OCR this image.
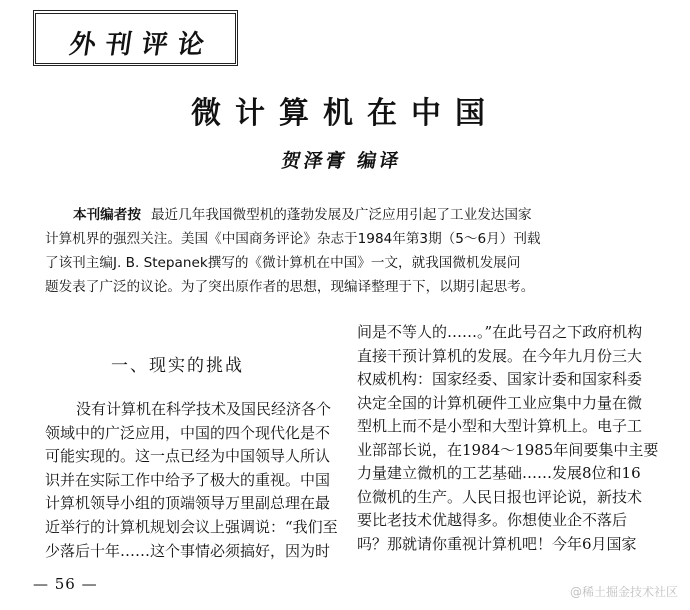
外刊评论
微计算机在中国
贺泽膏 编译
本刊编者按 最近几年我国微型机的蓬勃发展及广泛应用引起了工业发达国家
计算机界的强烈关注。美国《中国商务评论》杂志于1984年第3期（5～6月）刊载
了该刊主编J. B. Stepanek撰写的《微计算机在中国》一文，就我国微机发展问
题发表了广泛的议论。为了突出原作者的思想，现编译整理于下，以期引起思考。
一、现实的挑战
没有计算机在科学技术及国民经济各个
领域中的广泛应用，中国的四个现代化是不
可能实现的。这一点已经为中国领导人所认
识并在实际工作中给予了极大的重视。中国
计算机领导小组的顶端领导万里副总理在最
近举行的计算机规划会议上强调说：“我们至
少落后十年……这个事情必须搞好，因为时
间是不等人的……。”在此号召之下政府机构
直接干预计算机的发展。在今年九月份三大
权威机构：国家经委、国家计委和国家科委
决定全国的计算机硬件工业应集中力量在微
型机上而不是小型和大型计算机上。电子工
业部部长说，在1984～1985年间要集中主要
力量建立微机的工艺基础……发展8位和16
位微机的生产。人民日报也评论说，新技术
要比老技术优越得多。你想使业企不落后
吗？那就请你重视计算机吧！今年6月国家
— 56 —	@稀土掘金技术社区
